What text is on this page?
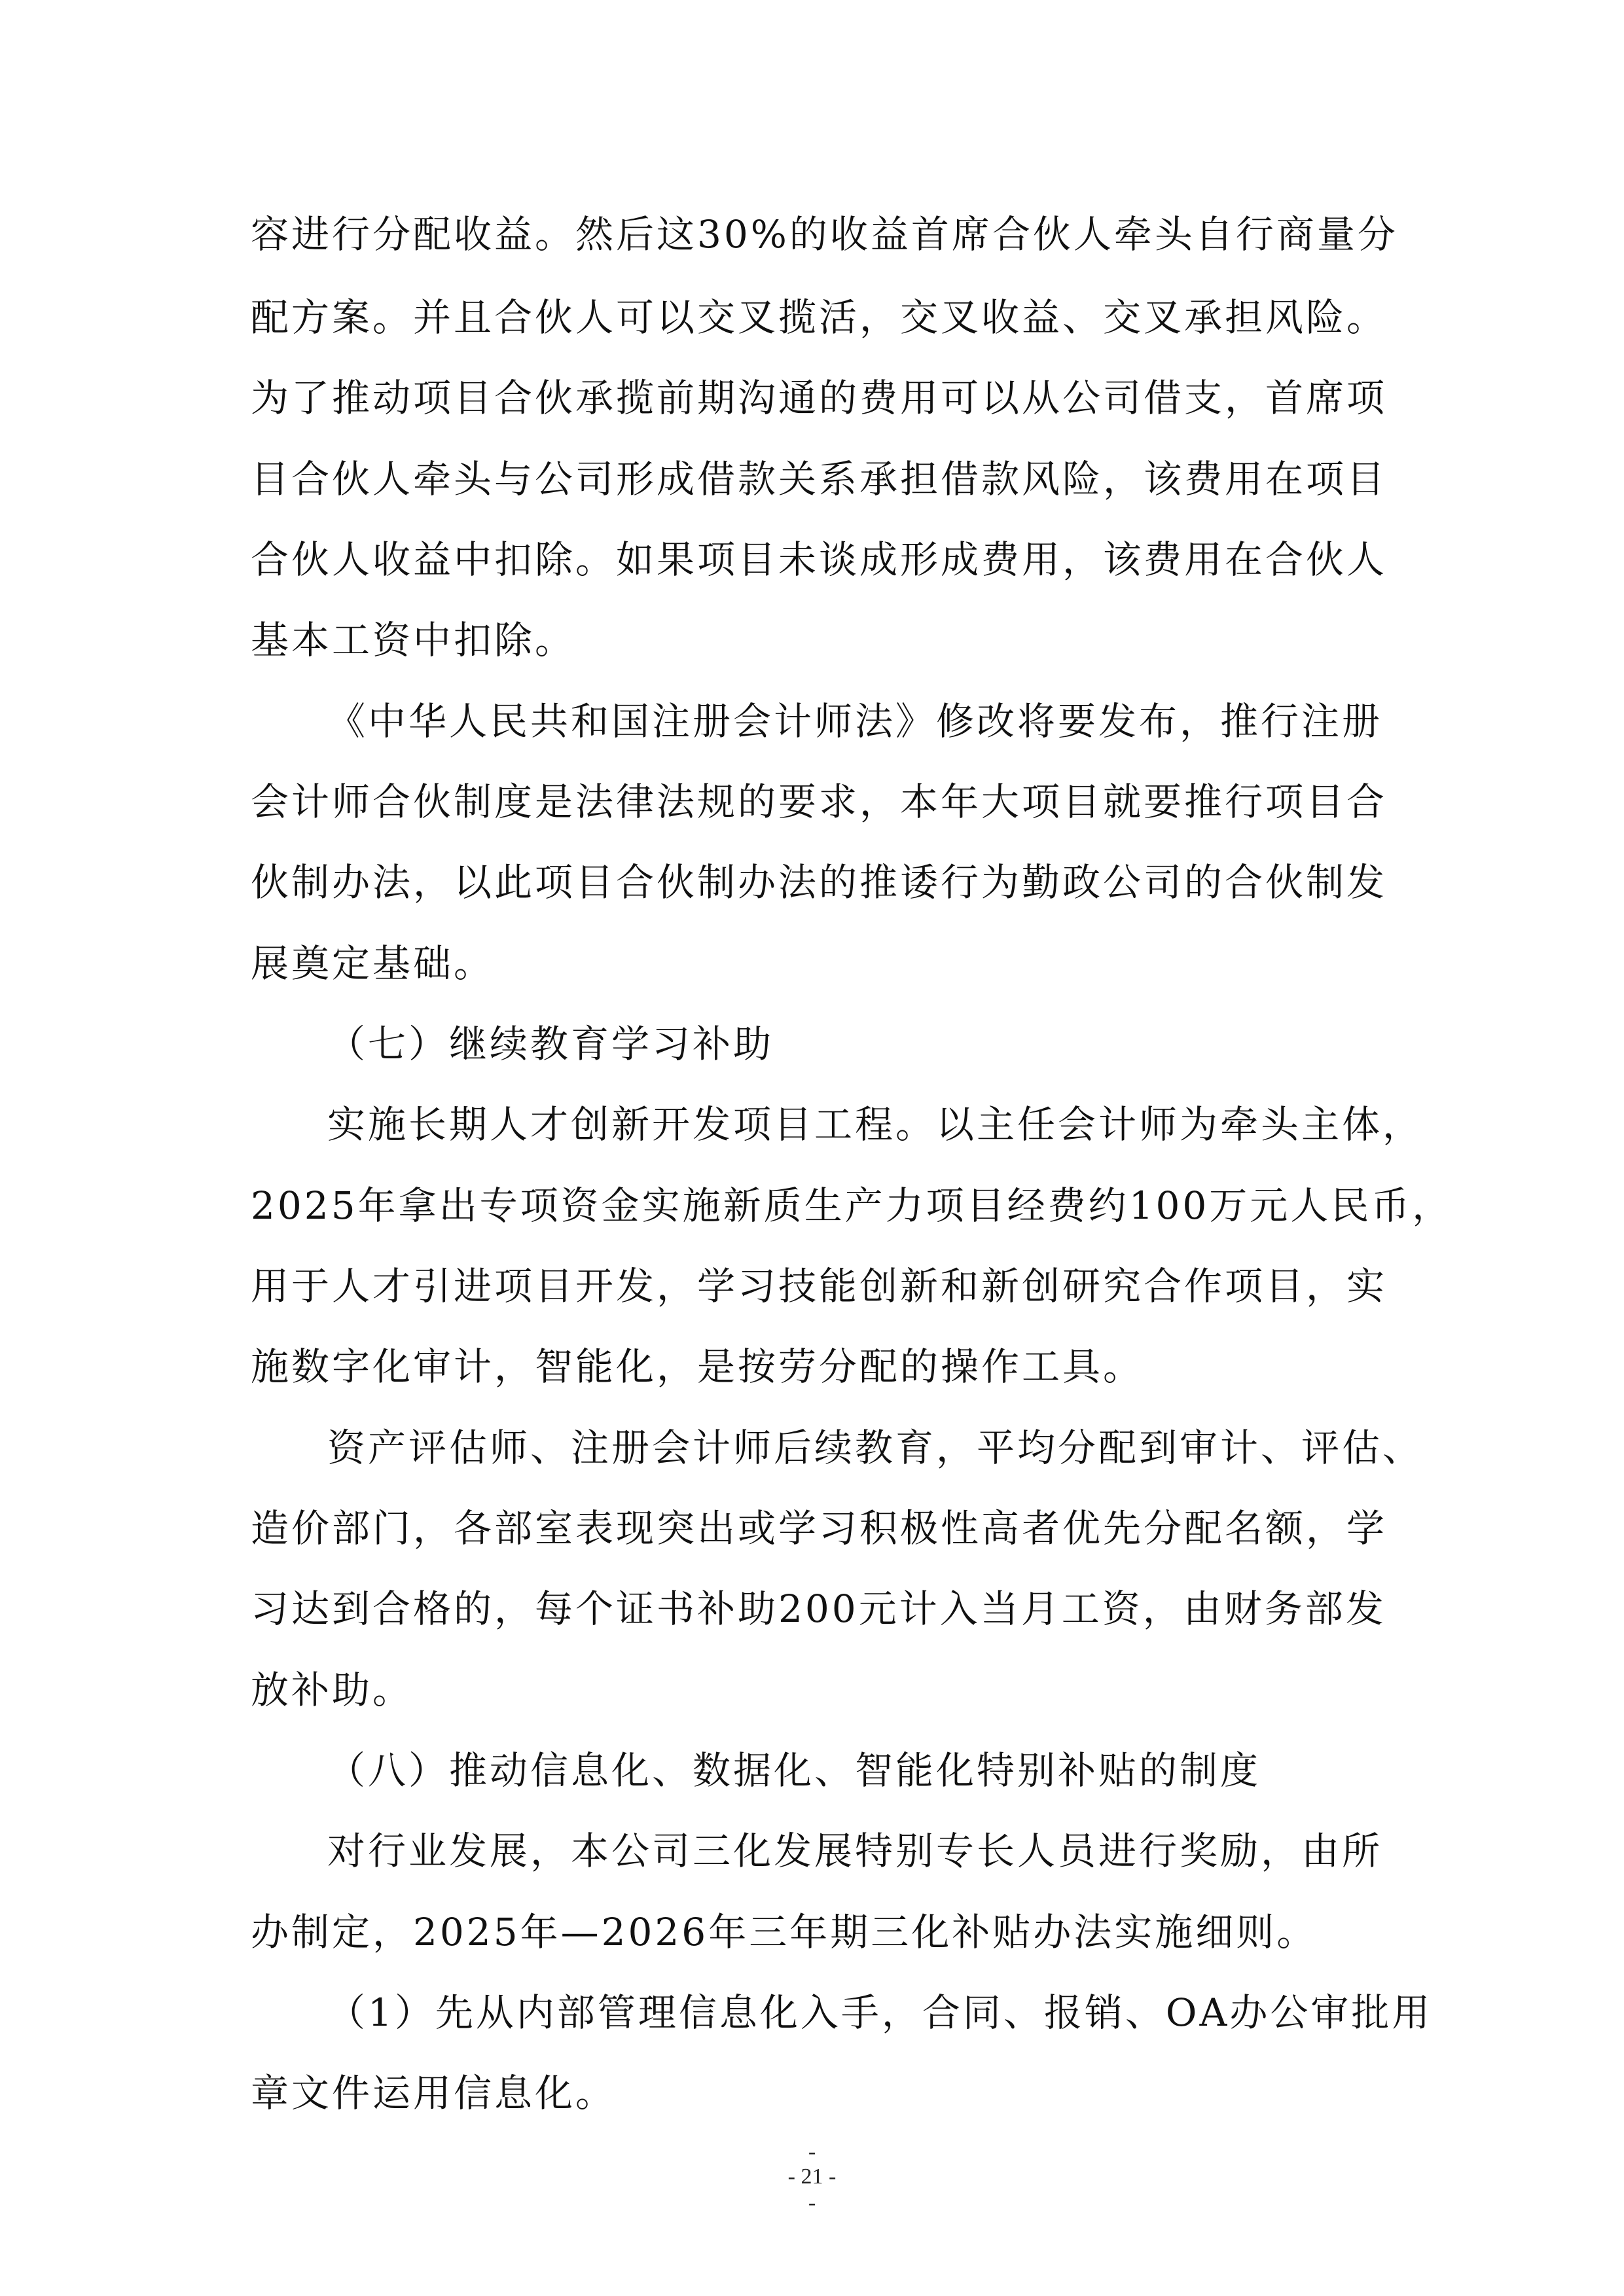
容进行分配收益。然后这30%的收益首席合伙人牵头自行商量分
配方案。并且合伙人可以交叉揽活，交叉收益、交叉承担风险。
为了推动项目合伙承揽前期沟通的费用可以从公司借支，首席项
目合伙人牵头与公司形成借款关系承担借款风险，该费用在项目
合伙人收益中扣除。如果项目未谈成形成费用，该费用在合伙人
基本工资中扣除。
《中华人民共和国注册会计师法》修改将要发布，推行注册
会计师合伙制度是法律法规的要求，本年大项目就要推行项目合
伙制办法，以此项目合伙制办法的推诿行为勤政公司的合伙制发
展奠定基础。
（七）继续教育学习补助
实施长期人才创新开发项目工程。以主任会计师为牵头主体，
2025年拿出专项资金实施新质生产力项目经费约100万元人民币，
用于人才引进项目开发，学习技能创新和新创研究合作项目，实
施数字化审计，智能化，是按劳分配的操作工具。
资产评估师、注册会计师后续教育，平均分配到审计、评估、
造价部门，各部室表现突出或学习积极性高者优先分配名额，学
习达到合格的，每个证书补助200元计入当月工资，由财务部发
放补助。
（八）推动信息化、数据化、智能化特别补贴的制度
对行业发展，本公司三化发展特别专长人员进行奖励，由所
办制定，2025年—2026年三年期三化补贴办法实施细则。
（1）先从内部管理信息化入手，合同、报销、OA办公审批用
章文件运用信息化。
-
- 21 -
-
